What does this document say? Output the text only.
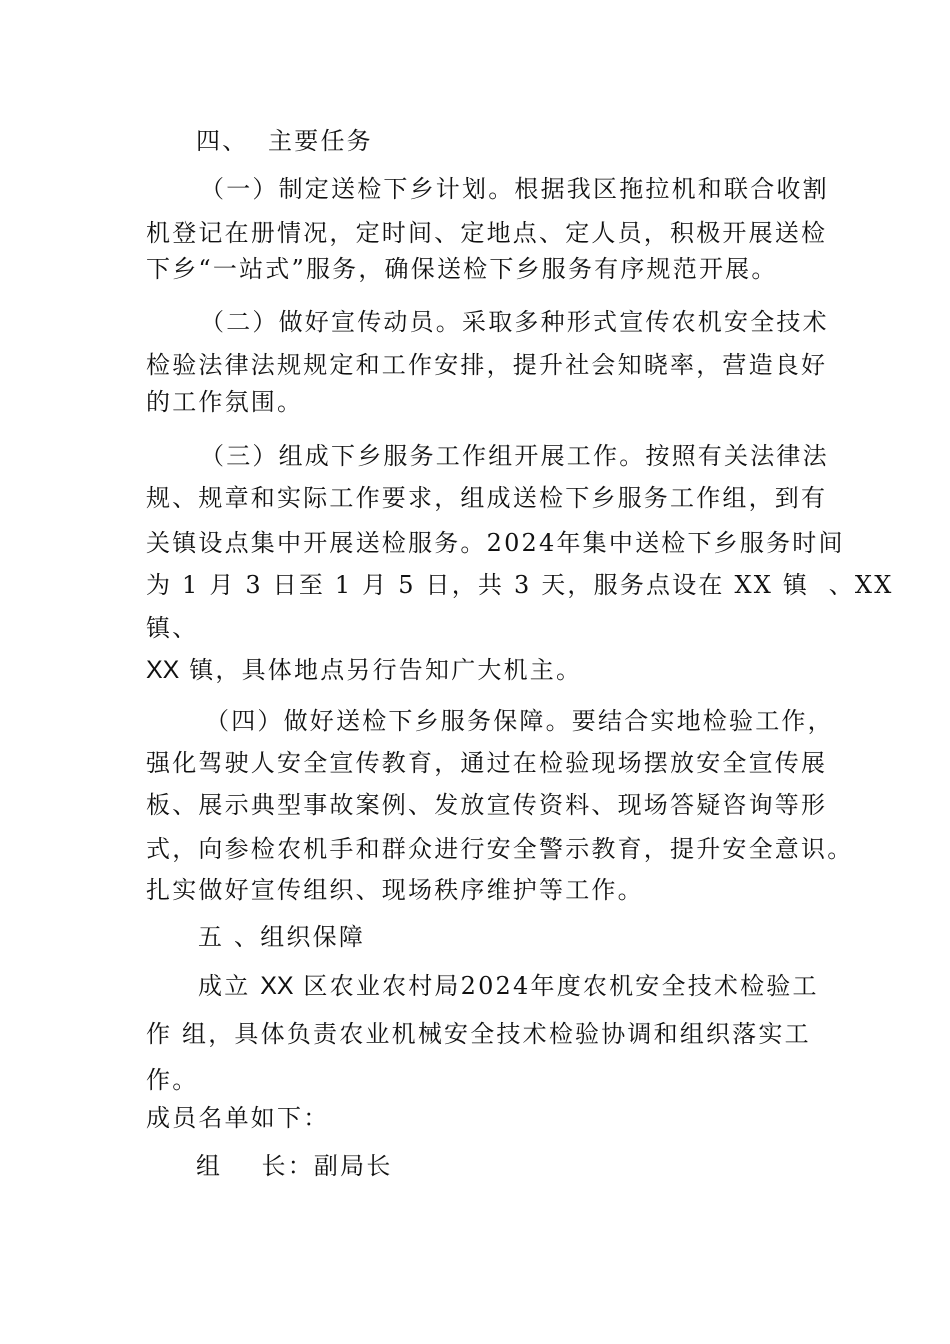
四、  主要任务
（一）制定送检下乡计划。根据我区拖拉机和联合收割
机登记在册情况，定时间、定地点、定人员，积极开展送检
下乡“一站式”服务，确保送检下乡服务有序规范开展。
（二）做好宣传动员。采取多种形式宣传农机安全技术
检验法律法规规定和工作安排，提升社会知晓率，营造良好
的工作氛围。
（三）组成下乡服务工作组开展工作。按照有关法律法
规、规章和实际工作要求，组成送检下乡服务工作组，到有
关镇设点集中开展送检服务。2024年集中送检下乡服务时间
为 1 月 3 日至 1 月 5 日，共 3 天，服务点设在 XX 镇  、XX
镇、
XX 镇，具体地点另行告知广大机主。
（四）做好送检下乡服务保障。要结合实地检验工作，
强化驾驶人安全宣传教育，通过在检验现场摆放安全宣传展
板、展示典型事故案例、发放宣传资料、现场答疑咨询等形
式，向参检农机手和群众进行安全警示教育，提升安全意识。
扎实做好宣传组织、现场秩序维护等工作。
五 、组织保障
成立 XX 区农业农村局2024年度农机安全技术检验工
作 组，具体负责农业机械安全技术检验协调和组织落实工
作。
成员名单如下：
组    长：副局长
